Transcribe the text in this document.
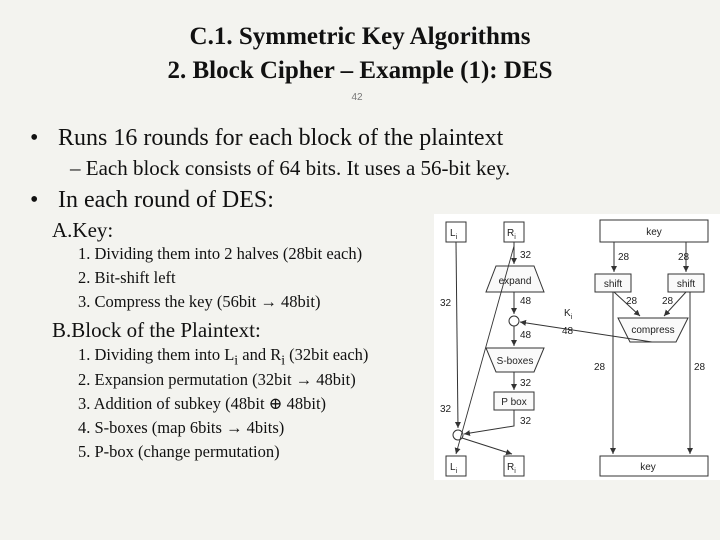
C.1. Symmetric Key Algorithms
2. Block Cipher – Example (1): DES
42
• Runs 16 rounds for each block of the plaintext
– Each block consists of 64 bits. It uses a 56-bit key.
• In each round of DES:
A.Key:
1. Dividing them into 2 halves (28bit each)
2. Bit-shift left
3. Compress the key (56bit → 48bit)
B.Block of the Plaintext:
1. Dividing them into $L_i$ and $R_i$ (32bit each)
2. Expansion permutation (32bit → 48bit)
3. Addition of subkey (48bit ⊕ 48bit)
4. S-boxes (map 6bits → 4bits)
5. P-box (change permutation)
$L_i$	$R_i$	key
expand
S-boxes
P box
shift	shift
compress
$K_i$
$L_i$	$R_i$	key
32
48
48
32
32
32
32
48
28	28
28 28
28	28
